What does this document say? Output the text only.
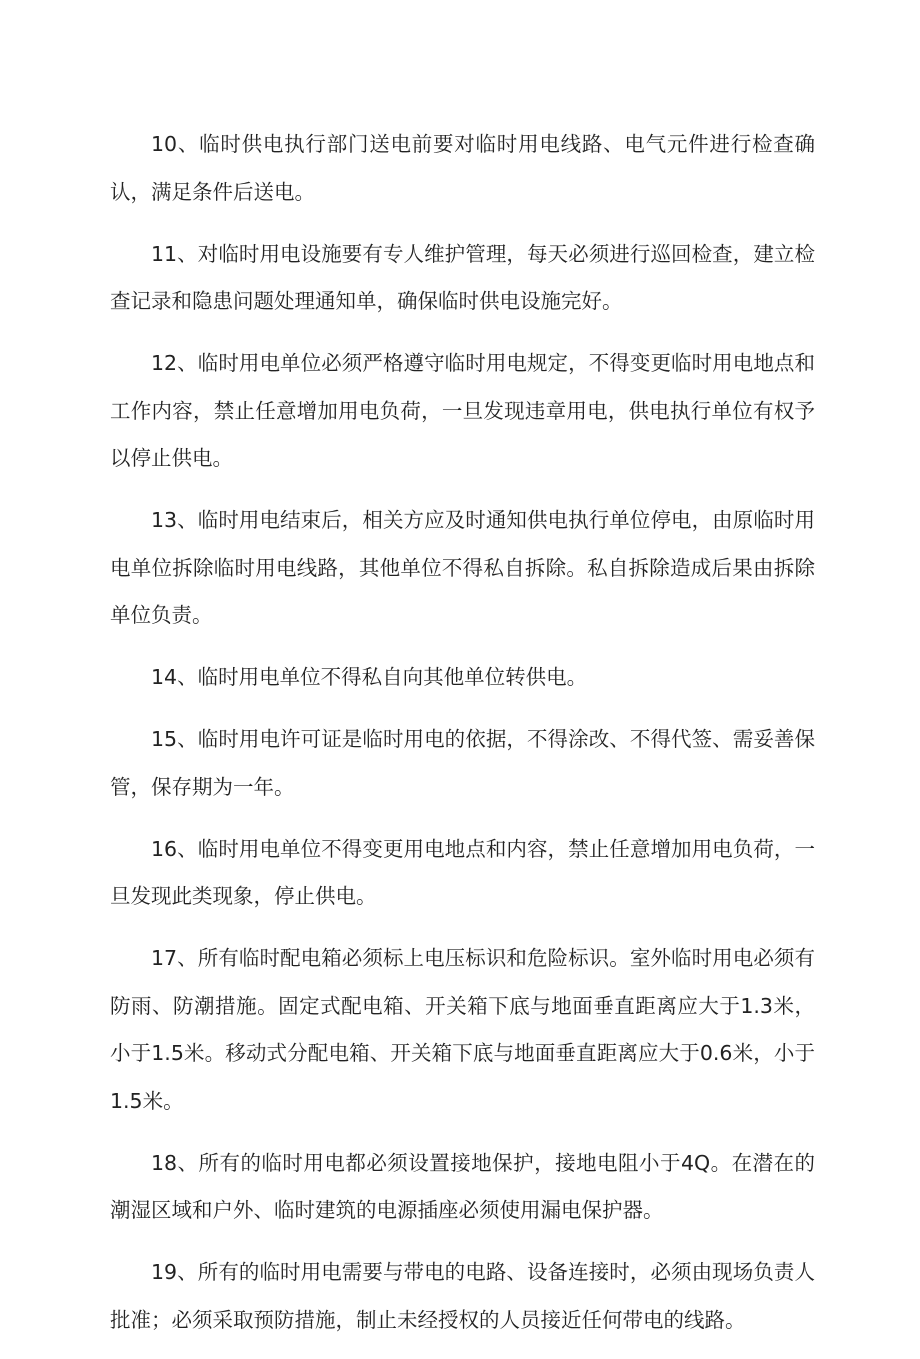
10、临时供电执行部门送电前要对临时用电线路、电气元件进行检查确认，满足条件后送电。

11、对临时用电设施要有专人维护管理，每天必须进行巡回检查，建立检查记录和隐患问题处理通知单，确保临时供电设施完好。

12、临时用电单位必须严格遵守临时用电规定，不得变更临时用电地点和工作内容，禁止任意增加用电负荷，一旦发现违章用电，供电执行单位有权予以停止供电。

13、临时用电结束后，相关方应及时通知供电执行单位停电，由原临时用电单位拆除临时用电线路，其他单位不得私自拆除。私自拆除造成后果由拆除单位负责。

14、临时用电单位不得私自向其他单位转供电。

15、临时用电许可证是临时用电的依据，不得涂改、不得代签、需妥善保管，保存期为一年。

16、临时用电单位不得变更用电地点和内容，禁止任意增加用电负荷，一旦发现此类现象，停止供电。

17、所有临时配电箱必须标上电压标识和危险标识。室外临时用电必须有防雨、防潮措施。固定式配电箱、开关箱下底与地面垂直距离应大于1.3米，小于1.5米。移动式分配电箱、开关箱下底与地面垂直距离应大于0.6米，小于1.5米。

18、所有的临时用电都必须设置接地保护，接地电阻小于4Q。在潜在的潮湿区域和户外、临时建筑的电源插座必须使用漏电保护器。

19、所有的临时用电需要与带电的电路、设备连接时，必须由现场负责人批准；必须采取预防措施，制止未经授权的人员接近任何带电的线路。
